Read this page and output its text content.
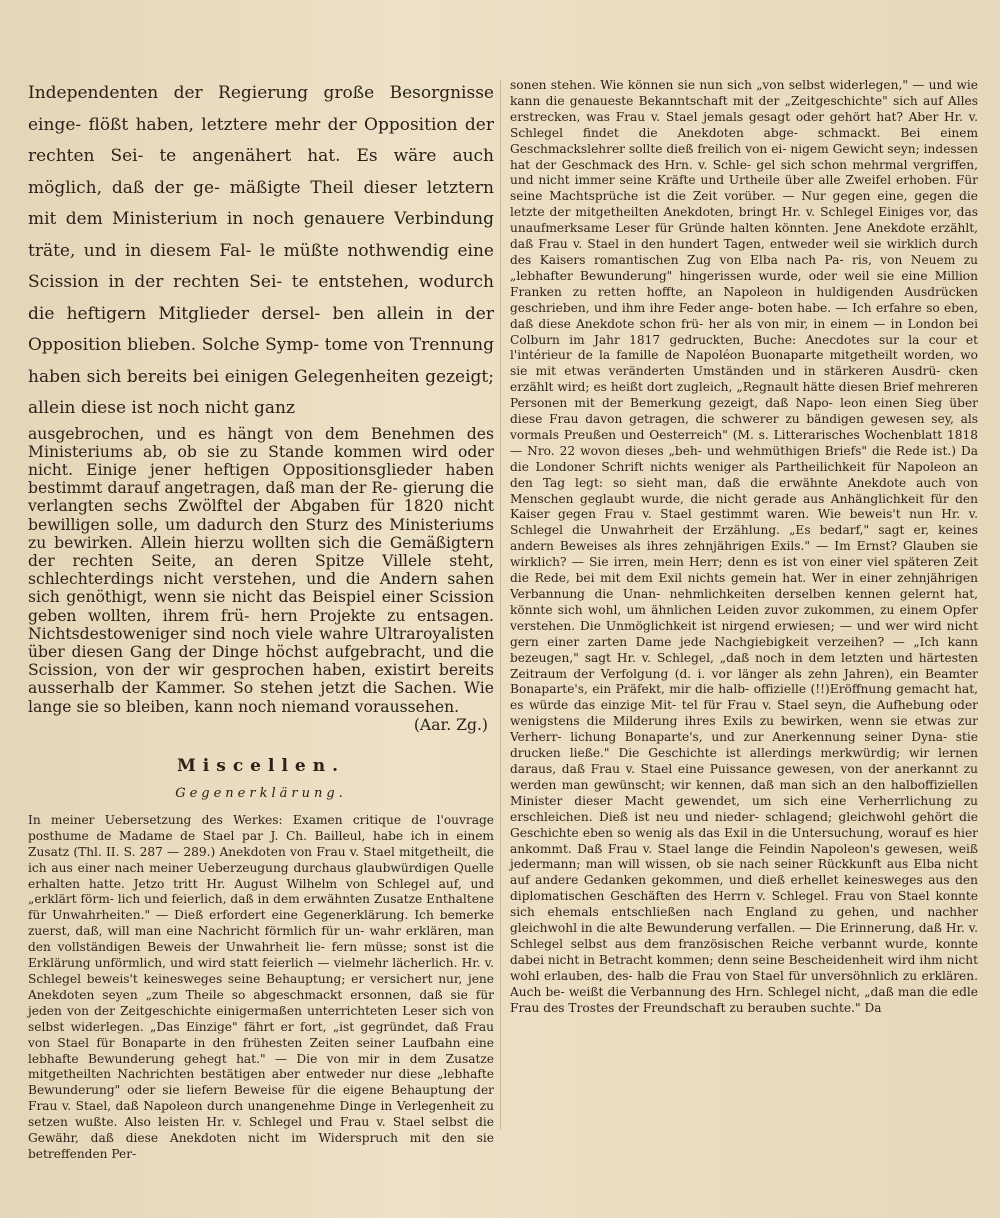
Independenten der Regierung große Besorgnisse einge- flößt haben, letztere mehr der Opposition der rechten Sei- te angenähert hat. Es wäre auch möglich, daß der ge- mäßigte Theil dieser letztern mit dem Ministerium in noch genauere Verbindung träte, und in diesem Fal- le müßte nothwendig eine Scission in der rechten Sei- te entstehen, wodurch die heftigern Mitglieder dersel- ben allein in der Opposition blieben. Solche Symp- tome von Trennung haben sich bereits bei einigen Gelegenheiten gezeigt; allein diese ist noch nicht ganz

ausgebrochen, und es hängt von dem Benehmen des Ministeriums ab, ob sie zu Stande kommen wird oder nicht. Einige jener heftigen Oppositionsglieder haben bestimmt darauf angetragen, daß man der Re- gierung die verlangten sechs Zwölftel der Abgaben für 1820 nicht bewilligen solle, um dadurch den Sturz des Ministeriums zu bewirken. Allein hierzu wollten sich die Gemäßigtern der rechten Seite, an deren Spitze Villele steht, schlechterdings nicht verstehen, und die Andern sahen sich genöthigt, wenn sie nicht das Beispiel einer Scission geben wollten, ihrem frü- hern Projekte zu entsagen. Nichtsdestoweniger sind noch viele wahre Ultraroyalisten über diesen Gang der Dinge höchst aufgebracht, und die Scission, von der wir gesprochen haben, existirt bereits ausserhalb der Kammer. So stehen jetzt die Sachen. Wie lange sie so bleiben, kann noch niemand voraussehen.

(Aar. Zg.)

Miscellen.
Gegenerklärung.

In meiner Uebersetzung des Werkes: Examen critique de l'ouvrage posthume de Madame de Stael par J. Ch. Bailleul, habe ich in einem Zusatz (Thl. II. S. 287 — 289.) Anekdoten von Frau v. Stael mitgetheilt, die ich aus einer nach meiner Ueberzeugung durchaus glaubwürdigen Quelle erhalten hatte. Jetzo tritt Hr. August Wilhelm von Schlegel auf, und „erklärt förm- lich und feierlich, daß in dem erwähnten Zusatze Enthaltene für Unwahrheiten." — Dieß erfordert eine Gegenerklärung. Ich bemerke zuerst, daß, will man eine Nachricht förmlich für un- wahr erklären, man den vollständigen Beweis der Unwahrheit lie- fern müsse; sonst ist die Erklärung unförmlich, und wird statt feierlich — vielmehr lächerlich. Hr. v. Schlegel beweis't keinesweges seine Behauptung; er versichert nur, jene Anekdoten seyen „zum Theile so abgeschmackt ersonnen, daß sie für jeden von der Zeitgeschichte einigermaßen unterrichteten Leser sich von selbst widerlegen. „Das Einzige" fährt er fort, „ist gegründet, daß Frau von Stael für Bonaparte in den frühesten Zeiten seiner Laufbahn eine lebhafte Bewunderung gehegt hat." — Die von mir in dem Zusatze mitgetheilten Nachrichten bestätigen aber entweder nur diese „lebhafte Bewunderung" oder sie liefern Beweise für die eigene Behauptung der Frau v. Stael, daß Napoleon durch unangenehme Dinge in Verlegenheit zu setzen wußte. Also leisten Hr. v. Schlegel und Frau v. Stael selbst die Gewähr, daß diese Anekdoten nicht im Widerspruch mit den sie betreffenden Per-

sonen stehen. Wie können sie nun sich „von selbst widerlegen," — und wie kann die genaueste Bekanntschaft mit der „Zeitgeschichte" sich auf Alles erstrecken, was Frau v. Stael jemals gesagt oder gehört hat? Aber Hr. v. Schlegel findet die Anekdoten abge- schmackt. Bei einem Geschmackslehrer sollte dieß freilich von ei- nigem Gewicht seyn; indessen hat der Geschmack des Hrn. v. Schle- gel sich schon mehrmal vergriffen, und nicht immer seine Kräfte und Urtheile über alle Zweifel erhoben. Für seine Machtsprüche ist die Zeit vorüber. — Nur gegen eine, gegen die letzte der mitgetheilten Anekdoten, bringt Hr. v. Schlegel Einiges vor, das unaufmerksame Leser für Gründe halten könnten. Jene Anekdote erzählt, daß Frau v. Stael in den hundert Tagen, entweder weil sie wirklich durch des Kaisers romantischen Zug von Elba nach Pa- ris, von Neuem zu „lebhafter Bewunderung" hingerissen wurde, oder weil sie eine Million Franken zu retten hoffte, an Napoleon in huldigenden Ausdrücken geschrieben, und ihm ihre Feder ange- boten habe. — Ich erfahre so eben, daß diese Anekdote schon frü- her als von mir, in einem — in London bei Colburn im Jahr 1817 gedruckten, Buche: Anecdotes sur la cour et l'intérieur de la famille de Napoléon Buonaparte mitgetheilt worden, wo sie mit etwas veränderten Umständen und in stärkeren Ausdrü- cken erzählt wird; es heißt dort zugleich, „Regnault hätte diesen Brief mehreren Personen mit der Bemerkung gezeigt, daß Napo- leon einen Sieg über diese Frau davon getragen, die schwerer zu bändigen gewesen sey, als vormals Preußen und Oesterreich" (M. s. Litterarisches Wochenblatt 1818 — Nro. 22 wovon dieses „beh- und wehmüthigen Briefs" die Rede ist.) Da die Londoner Schrift nichts weniger als Partheilichkeit für Napoleon an den Tag legt: so sieht man, daß die erwähnte Anekdote auch von Menschen geglaubt wurde, die nicht gerade aus Anhänglichkeit für den Kaiser gegen Frau v. Stael gestimmt waren. Wie beweis't nun Hr. v. Schlegel die Unwahrheit der Erzählung. „Es bedarf," sagt er, keines andern Beweises als ihres zehnjährigen Exils." — Im Ernst? Glauben sie wirklich? — Sie irren, mein Herr; denn es ist von einer viel späteren Zeit die Rede, bei mit dem Exil nichts gemein hat. Wer in einer zehnjährigen Verbannung die Unan- nehmlichkeiten derselben kennen gelernt hat, könnte sich wohl, um ähnlichen Leiden zuvor zukommen, zu einem Opfer verstehen. Die Unmöglichkeit ist nirgend erwiesen; — und wer wird nicht gern einer zarten Dame jede Nachgiebigkeit verzeihen? — „Ich kann bezeugen," sagt Hr. v. Schlegel, „daß noch in dem letzten und härtesten Zeitraum der Verfolgung (d. i. vor länger als zehn Jahren), ein Beamter Bonaparte's, ein Präfekt, mir die halb- offizielle (!!)Eröffnung gemacht hat, es würde das einzige Mit- tel für Frau v. Stael seyn, die Aufhebung oder wenigstens die Milderung ihres Exils zu bewirken, wenn sie etwas zur Verherr- lichung Bonaparte's, und zur Anerkennung seiner Dyna- stie drucken ließe." Die Geschichte ist allerdings merkwürdig; wir lernen daraus, daß Frau v. Stael eine Puissance gewesen, von der anerkannt zu werden man gewünscht; wir kennen, daß man sich an den halboffiziellen Minister dieser Macht gewendet, um sich eine Verherrlichung zu erschleichen. Dieß ist neu und nieder- schlagend; gleichwohl gehört die Geschichte eben so wenig als das Exil in die Untersuchung, worauf es hier ankommt. Daß Frau v. Stael lange die Feindin Napoleon's gewesen, weiß jedermann; man will wissen, ob sie nach seiner Rückkunft aus Elba nicht auf andere Gedanken gekommen, und dieß erhellet keinesweges aus den diplomatischen Geschäften des Herrn v. Schlegel. Frau von Stael konnte sich ehemals entschließen nach England zu gehen, und nachher gleichwohl in die alte Bewunderung verfallen. — Die Erinnerung, daß Hr. v. Schlegel selbst aus dem französischen Reiche verbannt wurde, konnte dabei nicht in Betracht kommen; denn seine Bescheidenheit wird ihm nicht wohl erlauben, des- halb die Frau von Stael für unversöhnlich zu erklären. Auch be- weißt die Verbannung des Hrn. Schlegel nicht, „daß man die edle Frau des Trostes der Freundschaft zu berauben suchte." Da
